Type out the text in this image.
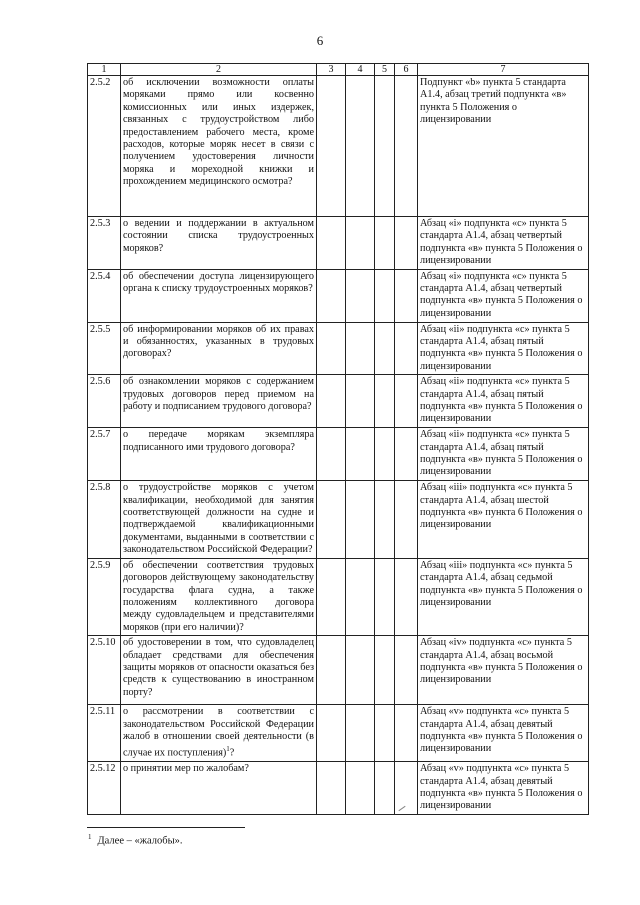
6
1	2	3	4	5	6	7
2.5.2	об исключении возможности оплаты моряками прямо или косвенно комиссионных или иных издержек, связанных с трудоустройством либо предоставлением рабочего места, кроме расходов, которые моряк несет в связи с получением удостоверения личности моряка и мореходной книжки и прохождением медицинского осмотра?					Подпункт «b» пункта 5 стандарта А1.4, абзац третий подпункта «в» пункта 5 Положения о лицензировании
2.5.3	о ведении и поддержании в актуальном состоянии списка трудоустроенных моряков?					Абзац «i» подпункта «c» пункта 5 стандарта А1.4, абзац четвертый подпункта «в» пункта 5 Положения о лицензировании
2.5.4	об обеспечении доступа лицензирующего органа к списку трудоустроенных моряков?					Абзац «i» подпункта «c» пункта 5 стандарта А1.4, абзац четвертый подпункта «в» пункта 5 Положения о лицензировании
2.5.5	об информировании моряков об их правах и обязанностях, указанных в трудовых договорах?					Абзац «ii» подпункта «c» пункта 5 стандарта А1.4, абзац пятый подпункта «в» пункта 5 Положения о лицензировании
2.5.6	об ознакомлении моряков с содержанием трудовых договоров перед приемом на работу и подписанием трудового договора?					Абзац «ii» подпункта «c» пункта 5 стандарта А1.4, абзац пятый подпункта «в» пункта 5 Положения о лицензировании
2.5.7	о передаче морякам экземпляра подписанного ими трудового договора?					Абзац «ii» подпункта «c» пункта 5 стандарта А1.4, абзац пятый подпункта «в» пункта 5 Положения о лицензировании
2.5.8	о трудоустройстве моряков с учетом квалификации, необходимой для занятия соответствующей должности на судне и подтверждаемой квалификационными документами, выданными в соответствии с законодательством Российской Федерации?					Абзац «iii» подпункта «c» пункта 5 стандарта А1.4, абзац шестой подпункта «в» пункта 6 Положения о лицензировании
2.5.9	об обеспечении соответствия трудовых договоров действующему законодательству государства флага судна, а также положениям коллективного договора между судовладельцем и представителями моряков (при его наличии)?					Абзац «iii» подпункта «c» пункта 5 стандарта А1.4, абзац седьмой подпункта «в» пункта 5 Положения о лицензировании
2.5.10	об удостоверении в том, что судовладелец обладает средствами для обеспечения защиты моряков от опасности оказаться без средств к существованию в иностранном порту?					Абзац «iv» подпункта «c» пункта 5 стандарта А1.4, абзац восьмой подпункта «в» пункта 5 Положения о лицензировании
2.5.11	о рассмотрении в соответствии с законодательством Российской Федерации жалоб в отношении своей деятельности (в случае их поступления)$^1$?					Абзац «v» подпункта «c» пункта 5 стандарта А1.4, абзац девятый подпункта «в» пункта 5 Положения о лицензировании
2.5.12	о принятии мер по жалобам?					Абзац «v» подпункта «c» пункта 5 стандарта А1.4, абзац девятый подпункта «в» пункта 5 Положения о лицензировании
$^1$ Далее – «жалобы».
